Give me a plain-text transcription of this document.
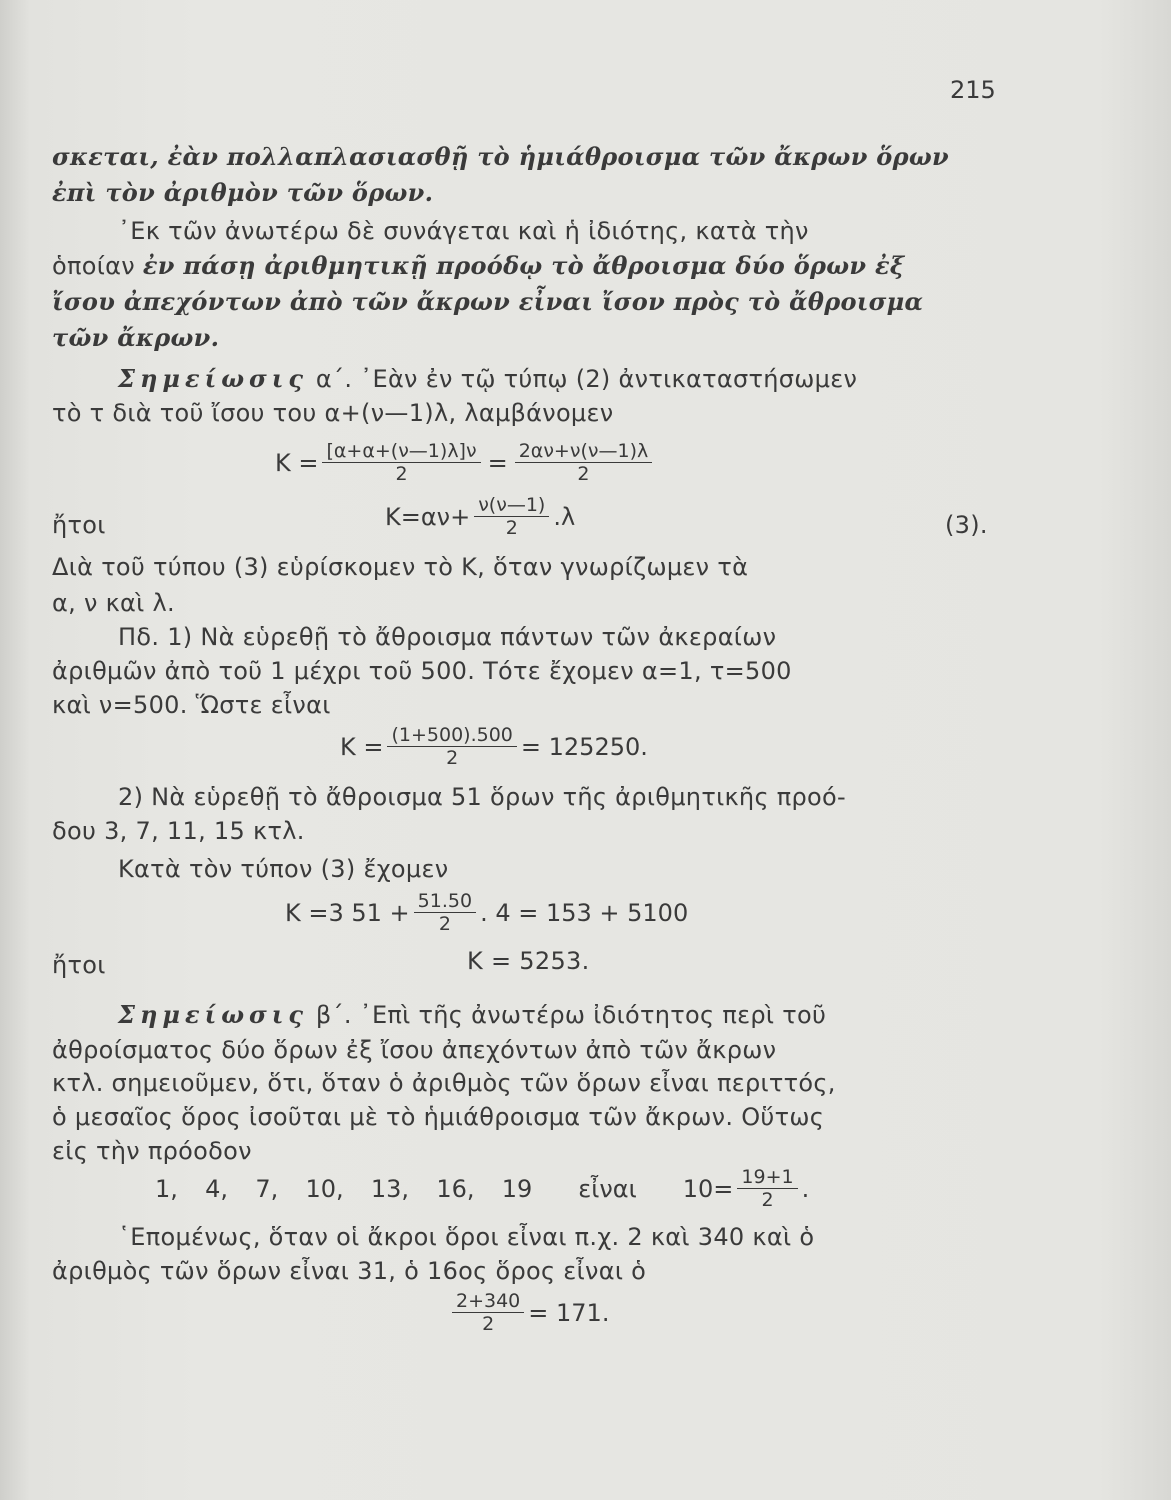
215
σκεται, ἐὰν πολλαπλασιασθῇ τὸ ἡμιάθροισμα τῶν ἄκρων ὅρων
ἐπὶ τὸν ἀριθμὸν τῶν ὅρων.
᾿Εκ τῶν ἀνωτέρω δὲ συνάγεται καὶ ἡ ἰδιότης, κατὰ τὴν
ὁποίαν ἐν πάσῃ ἀριθμητικῇ προόδῳ τὸ ἄθροισμα δύο ὅρων ἐξ
ἴσου ἀπεχόντων ἀπὸ τῶν ἄκρων εἶναι ἴσον πρὸς τὸ ἄθροισμα
τῶν ἄκρων.
Σημείωσις α΄. ᾿Εὰν ἐν τῷ τύπῳ (2) ἀντικαταστήσωμεν
τὸ τ διὰ τοῦ ἴσου του α+(ν—1)λ, λαμβάνομεν
$K = \frac{[\alpha+\alpha+(\nu—1)\lambda]\nu}{2} = \frac{2\alpha\nu+\nu(\nu—1)\lambda}{2}$
ἤτοι	$K=\alpha\nu+ \frac{\nu(\nu—1)}{2} .\lambda$	(3).
Διὰ τοῦ τύπου (3) εὑρίσκομεν τὸ Κ, ὅταν γνωρίζωμεν τὰ
α, ν καὶ λ.
Πδ. 1) Νὰ εὑρεθῇ τὸ ἄθροισμα πάντων τῶν ἀκεραίων
ἀριθμῶν ἀπὸ τοῦ 1 μέχρι τοῦ 500. Τότε ἔχομεν α=1, τ=500
καὶ ν=500. Ὥστε εἶναι
$K = \frac{(1+500).500}{2} = 125250$.
2) Νὰ εὑρεθῇ τὸ ἄθροισμα 51 ὅρων τῆς ἀριθμητικῆς προό-
δου 3, 7, 11, 15 κτλ.
Κατὰ τὸν τύπον (3) ἔχομεν
Κ =3 $51 + \frac{51.50}{2}$ . 4 = 153 + 5100
ἤτοι	Κ = 5253.
Σημείωσις β΄. ᾿Επὶ τῆς ἀνωτέρω ἰδιότητος περὶ τοῦ
ἀθροίσματος δύο ὅρων ἐξ ἴσου ἀπεχόντων ἀπὸ τῶν ἄκρων
κτλ. σημειοῦμεν, ὅτι, ὅταν ὁ ἀριθμὸς τῶν ὅρων εἶναι περιττός,
ὁ μεσαῖος ὅρος ἰσοῦται μὲ τὸ ἡμιάθροισμα τῶν ἄκρων. Οὕτως
εἰς τὴν πρόοδον
1,  4,  7,  10,  13,  16,  19 εἶναι $10= \frac{19+1}{2}$ .
῾Επομένως, ὅταν οἱ ἄκροι ὅροι εἶναι π.χ. 2 καὶ 340 καὶ ὁ
ἀριθμὸς τῶν ὅρων εἶναι 31, ὁ 16ος ὅρος εἶναι ὁ
$\frac{2+340}{2} = 171$.
